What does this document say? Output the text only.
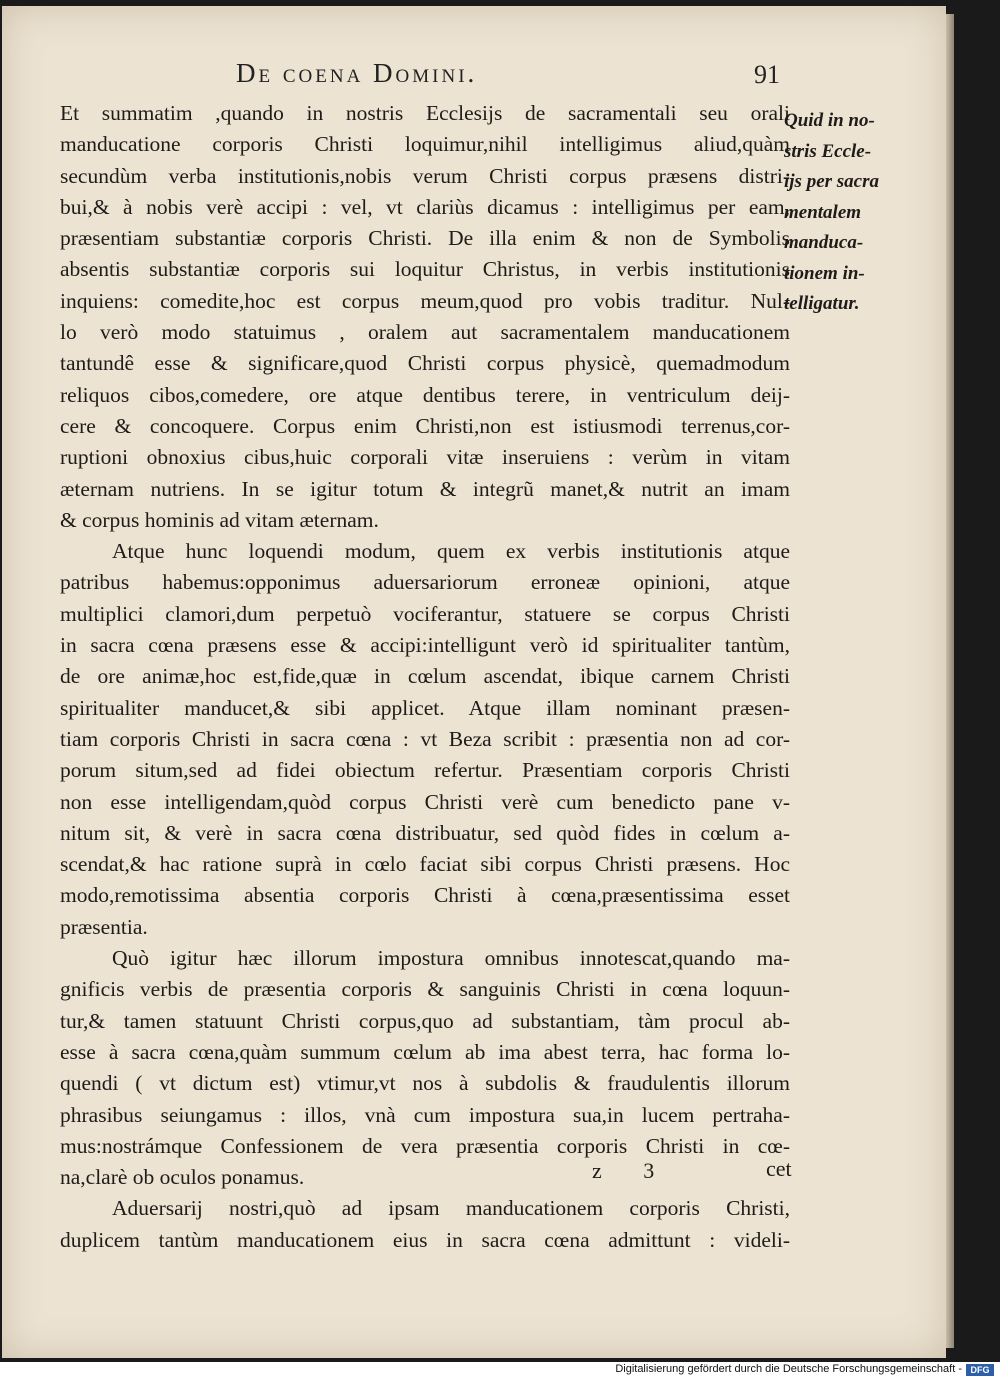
De coena Domini.	91
Et summatim ,quando in nostris Ecclesijs de sacramentali seu orali
manducatione corporis Christi loquimur,nihil intelligimus aliud,quàm
secundùm verba institutionis,nobis verum Christi corpus præsens distri-
bui,& à nobis verè accipi : vel, vt clariùs dicamus : intelligimus per eam,
præsentiam substantiæ corporis Christi. De illa enim & non de Symbolis
absentis substantiæ corporis sui loquitur Christus, in verbis institutionis
inquiens: comedite,hoc est corpus meum,quod pro vobis traditur. Nul-
lo verò modo statuimus , oralem aut sacramentalem manducationem
tantundê esse & significare,quod Christi corpus physicè, quemadmodum
reliquos cibos,comedere, ore atque dentibus terere, in ventriculum deij-
cere & concoquere. Corpus enim Christi,non est istiusmodi terrenus,cor-
ruptioni obnoxius cibus,huic corporali vitæ inseruiens : verùm in vitam
æternam nutriens. In se igitur totum & integrũ manet,& nutrit an imam
& corpus hominis ad vitam æternam.
Atque hunc loquendi modum, quem ex verbis institutionis atque
patribus habemus:opponimus aduersariorum erroneæ opinioni, atque
multiplici clamori,dum perpetuò vociferantur, statuere se corpus Christi
in sacra cœna præsens esse & accipi:intelligunt verò id spiritualiter tantùm,
de ore animæ,hoc est,fide,quæ in cœlum ascendat, ibique carnem Christi
spiritualiter manducet,& sibi applicet. Atque illam nominant præsen-
tiam corporis Christi in sacra cœna : vt Beza scribit : præsentia non ad cor-
porum situm,sed ad fidei obiectum refertur. Præsentiam corporis Christi
non esse intelligendam,quòd corpus Christi verè cum benedicto pane v-
nitum sit, & verè in sacra cœna distribuatur, sed quòd fides in cœlum a-
scendat,& hac ratione suprà in cœlo faciat sibi corpus Christi præsens. Hoc
modo,remotissima absentia corporis Christi à cœna,præsentissima esset
præsentia.
Quò igitur hæc illorum impostura omnibus innotescat,quando ma-
gnificis verbis de præsentia corporis & sanguinis Christi in cœna loquun-
tur,& tamen statuunt Christi corpus,quo ad substantiam, tàm procul ab-
esse à sacra cœna,quàm summum cœlum ab ima abest terra, hac forma lo-
quendi ( vt dictum est) vtimur,vt nos à subdolis & fraudulentis illorum
phrasibus seiungamus : illos, vnà cum impostura sua,in lucem pertraha-
mus:nostrámque Confessionem de vera præsentia corporis Christi in cœ-
na,clarè ob oculos ponamus.
Aduersarij nostri,quò ad ipsam manducationem corporis Christi,
duplicem tantùm manducationem eius in sacra cœna admittunt : videli-
Quid in no-
stris Eccle-
ijs per sacra
mentalem
manduca-
tionem in-
telligatur.
z 3	cet
Digitalisierung gefördert durch die Deutsche Forschungsgemeinschaft - DFG
